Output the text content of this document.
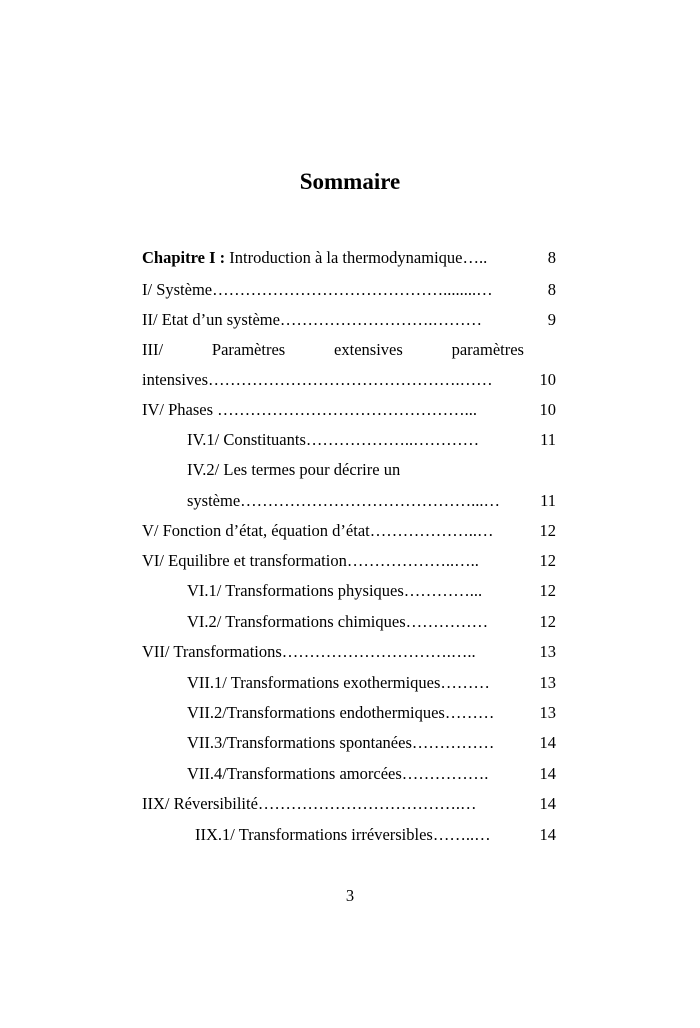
Sommaire
Chapitre I : Introduction à la thermodynamique…..	8
I/ Système……………………………………........…	8
II/ Etat d’un système……………………….………	9
III/	Paramètres	extensives	paramètres
intensives……………………………………….……	10
IV/ Phases ………………………………………...	10
IV.1/ Constituants………………..…………	11
IV.2/ Les termes pour décrire un
système……………………………………...… 11
V/ Fonction d’état, équation d’état………………..…	12
VI/ Equilibre et transformation………………..…..	12
VI.1/ Transformations physiques…………...	12
VI.2/ Transformations chimiques……………	12
VII/ Transformations………………………….…..	13
VII.1/ Transformations exothermiques………	13
VII.2/Transformations endothermiques………	13
VII.3/Transformations spontanées……………	14
VII.4/Transformations amorcées…………….	14
IIX/ Réversibilité……………………………….…	14
IIX.1/ Transformations irréversibles……..…	14
3
